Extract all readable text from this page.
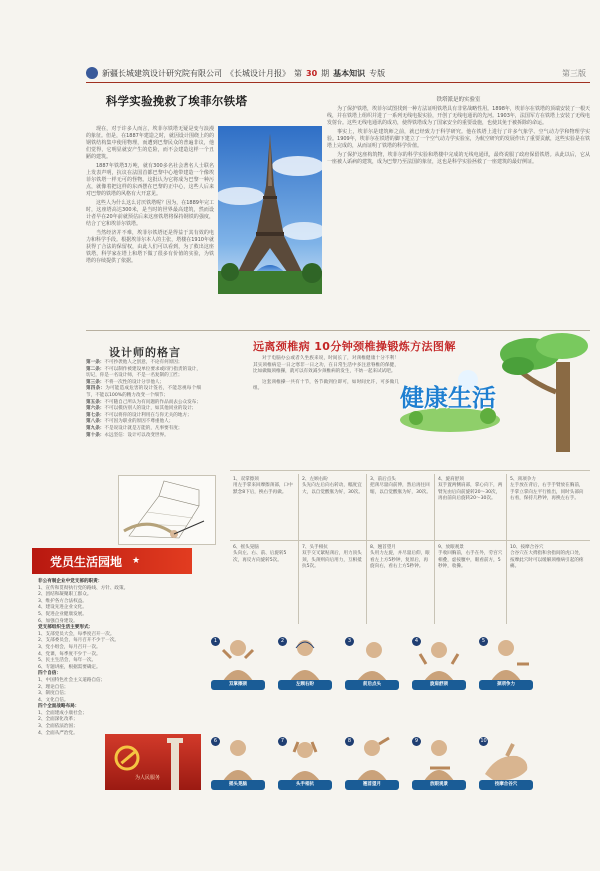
新疆长城建筑设计研究院有限公司 《长城设计月报》 第 30 期 基本知识 专版	第三版
科学实验挽救了埃菲尔铁塔

现在，对于许多人而言，埃菲尔铁塔无疑是变与浪漫的象征。但是，在1887年建造之时，就因设计围绕上的的钢铁结构集中使用物理，而遭到巴黎民众的普遍非议，他们觉得，它明显就安产生的危险，而不会建造这样一个丑陋的建筑。

1887年铁塔3万吨，就有300多名社会著名人士联名上发表声明，抗议在法国首都巴黎中心地带建造一个像埃菲尔铁塔一样无可的怪物。这批认为它将成为巴黎一种污点，就像着把这样的东西摆在巴黎的正中心，这些人后来对巴黎的铁塔的风格有大开意见。

这些人为什么这么讨厌铁塔呢？因为，在1889年完工时，这座塔高达300米，是当时的世界最高建筑，然而设计者早在20年前就预估后来这座铁塔将保持钢铁的强度，结合了它和埃菲尔铁塔。

当然经济并不难，埃菲尔铁塔还是得益于其有效的电力和科学手段。根据埃菲尔本人的主张，塔楼在1910年就获得了合法的保留权，由此人们可以看到，为了救出这座铁塔，科学家在塔上和塔下做了很多有价值的实验，为铁塔的存续提供了依据。

铁塔派是的实验室

为了保护铁塔，埃菲尔试图找到一种方法证明铁塔具有非常战略性用。1898年，埃菲尔在铁塔的顶端安装了一根天线，并在铁塔上组织并进了一系列无线电报实验，开创了无线电通讯的先河。1903年，法国军方在铁塔上安装了无线电发射台。这些无线电通讯的成功，使得铁塔成为了国家安全的重要设施，也使其免于被拆除的命运。

事实上，埃菲尔是建筑师之前，就已经致力于科学研究。他在铁塔上进行了许多气象学、空气动力学和物理学实验。1909年，埃菲尔在铁塔的脚下建立了一个空气动力学实验室，为航空研究的发展作出了重要贡献，这些实验是在铁塔上完成的，从而证明了铁塔的科学价值。

为了保护这座构筑物，埃菲尔的科学实验和塔楼中完成的无线电通讯，最终说服了政府保留铁塔。从此以后，它从一座被人诟病的建筑，成为巴黎乃至法国的象征，这也是科学实验拯救了一座建筑的最好例证。

设计师的格言
第一条：不可抄袭他人之创意，不论有何原因；
第二条：不可以制作被建设单位要求或同行指责的设计，切记，你是一名设计师，不是一名复制的工匠；
第三条：不将一次性的设计分享他人；
第四条：为可能造成危害的设计签名，不能忽视每个细节，不能以100%的精力改变一个细节；
第五条：不可随自己所认为有问题的作品而去公众发布；
第六条：不可以模仿别人的设计，如其他同业的设计；
第七条：不可以将你的设计利用在与你无关的地方；
第八条：不可因为职业的原因不尊重他人；
第九条：不是说设计就是万能的，凡事要有度；
第十条：永远坚信：设计可以改变世界。
党员生活园地 ★
非公有制企业中党支部的职责：
1、宣传和贯彻执行党的路线、方针、政策。
2、团结和凝聚职工群众。
3、维护各方合法权益。
4、建设先进企业文化。
5、促进企业健康发展。
6、加强自身建设。
党支部组织生活主要形式：
1、支部党员大会，每季度召开一次。
2、支部委员会，每月召开不少于一次。
3、党小组会，每月召开一次。
4、党课，每季度不少于一次。
5、民主生活会，每年一次。
6、专题讲座，根据需要确定。
四个自信：
1、中国特色社会主义道路自信；
2、理论自信；
3、制度自信；
4、文化自信。
四个全面战略布局：
1、全面建成小康社会；
2、全面深化改革；
3、全面依法治国；
4、全面从严治党。
为人民服务
远离颈椎病 10分钟颈椎操锻炼方法图解

对于电脑办公或者久坐族来说，时间长了，对颈椎健康十分不利！其实颈椎病是一日之寒非一日之功，在日常生活中多注意脊椎的保健，比如做做颈椎操，就可以有效减少颈椎病的发生，不妨一起来试试吧。

这套颈椎操一共有十节，各节做到位即可，如时间允许，可多做几组。	健康生活
1、双掌擦颈
用左手掌来回摩擦颈部，口中默念8下后，换右手再做。
2、左顾右盼
头先向左后向右转动，幅度宜大，以自觉酸胀为好，30次。
3、前后点头
把颈尽量向前伸，然后再往回缩，以自觉酸胀为好，30次。
4、旋肩舒颈
双手置两侧肩部，掌心向下，两臂先由后向前旋转20～30次，再由前向后旋转20～30次。
5、颈项争力
左手放在背后，右手手臂放在胸前，手掌立掌向左平行推出，同时头部向右看，保持几秒钟，再换左右手。
6、摇头晃脑
头向左、右、前、后旋转5次，再反方向旋转5次。
7、头手相抗
双手交叉紧贴颈后，用力顶头颈，头颈则向后用力，互相抵抗5次。
8、翘首望月
头用力左旋，并尽量后仰，眼看左上方5秒钟，复原后，再旋向右，看右上方5秒钟。
9、放眼观景
手收回胸前，右手在外，劳宫穴相叠，虚按膻中，眼看前方，5秒钟，收操。
10、按摩合谷穴
合谷穴在大拇指和食指间的虎口处，按摩此穴时可以缓解颈椎病引起的疼痛。
1
双掌擦颈
2
左顾右盼
3
前后点头
4
旋肩舒颈
5
颈项争力
6
摇头晃脑
7
头手相抗
8
翘首望月
9
放眼观景
10
按摩合谷穴
